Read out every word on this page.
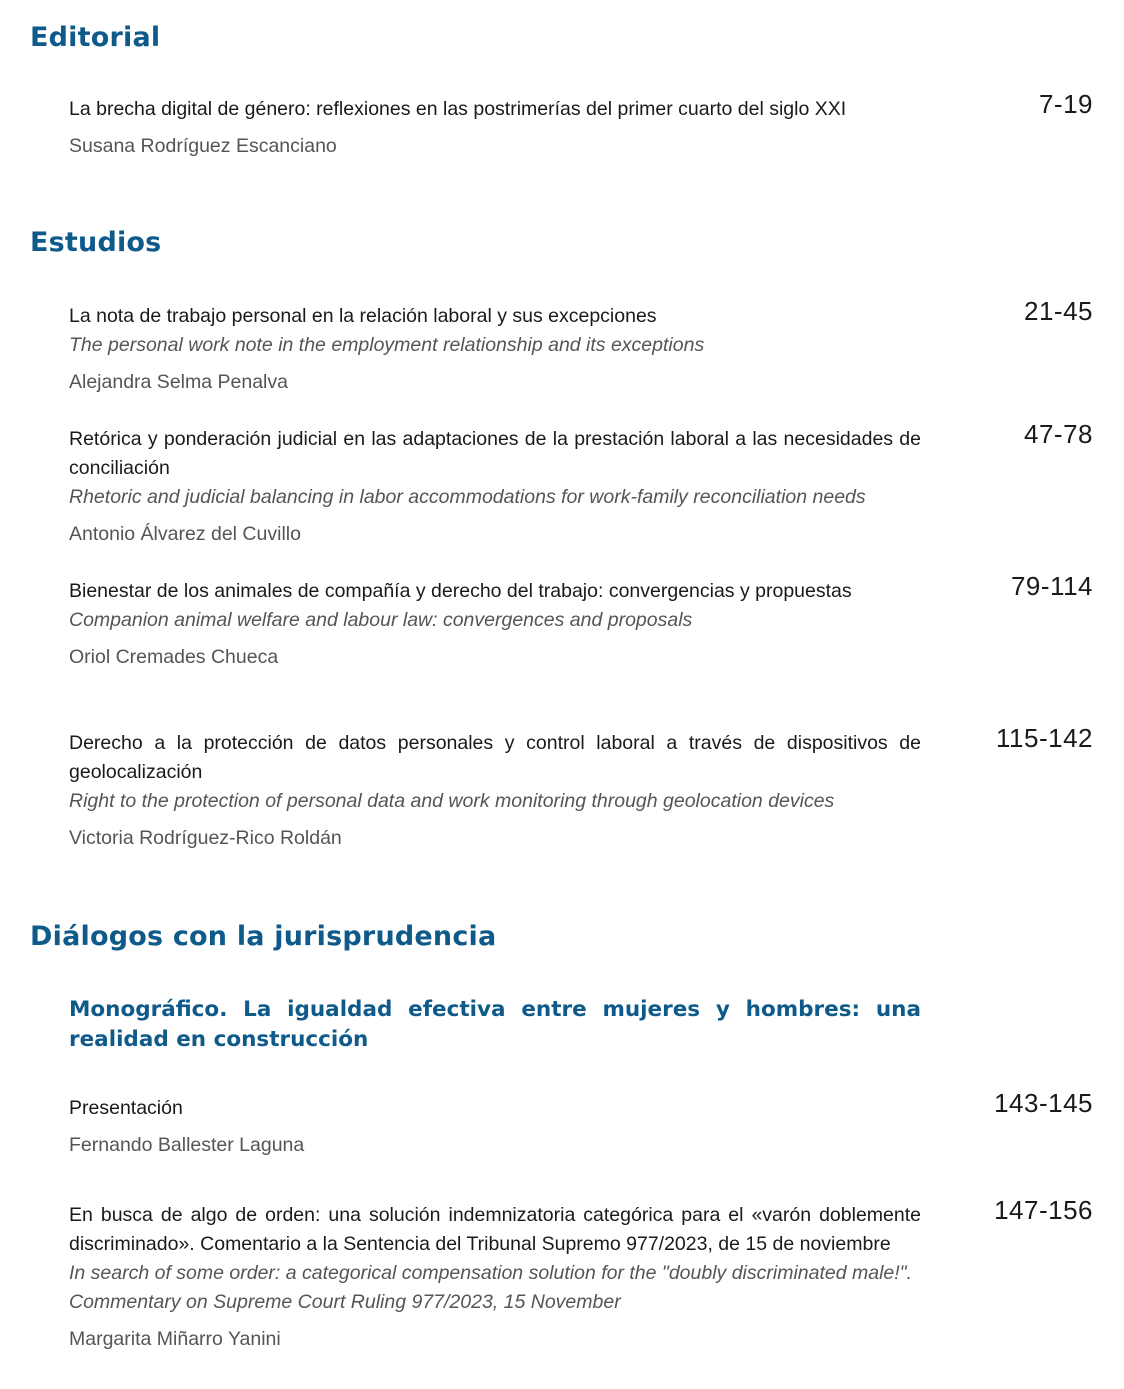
Editorial

La brecha digital de género: reflexiones en las postrimerías del primer cuarto del siglo XXI

Susana Rodríguez Escanciano
7-19
Estudios

La nota de trabajo personal en la relación laboral y sus excepciones

The personal work note in the employment relationship and its exceptions

Alejandra Selma Penalva
21-45

Retórica y ponderación judicial en las adaptaciones de la prestación laboral a las necesidades de conciliación

Rhetoric and judicial balancing in labor accommodations for work-family reconciliation needs

Antonio Álvarez del Cuvillo
47-78

Bienestar de los animales de compañía y derecho del trabajo: convergencias y propuestas

Companion animal welfare and labour law: convergences and proposals

Oriol Cremades Chueca
79-114

Derecho a la protección de datos personales y control laboral a través de dispositivos de geolocalización

Right to the protection of personal data and work monitoring through geolocation devices

Victoria Rodríguez-Rico Roldán
115-142
Diálogos con la jurisprudencia

Monográfico. La igualdad efectiva entre mujeres y hombres: una realidad en construcción

Presentación

Fernando Ballester Laguna
143-145

En busca de algo de orden: una solución indemnizatoria categórica para el «varón doblemente discriminado». Comentario a la Sentencia del Tribunal Supremo 977/2023, de 15 de noviembre

In search of some order: a categorical compensation solution for the "doubly discriminated male!". Commentary on Supreme Court Ruling 977/2023, 15 November

Margarita Miñarro Yanini
147-156
